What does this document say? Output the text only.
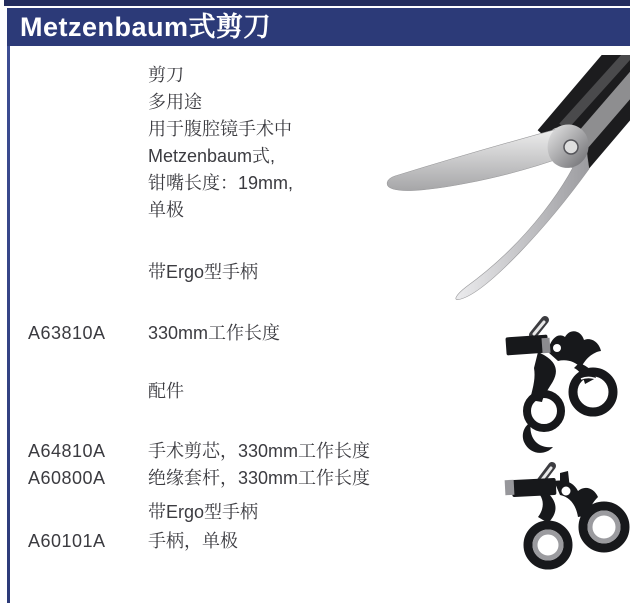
Metzenbaum式剪刀
剪刀
多用途
用于腹腔镜手术中
Metzenbaum式,
钳嘴长度：19mm,
单极
带Ergo型手柄
A63810A 330mm工作长度
配件
A64810A 手术剪芯，330mm工作长度
A60800A 绝缘套杆，330mm工作长度
带Ergo型手柄
A60101A 手柄，单极
